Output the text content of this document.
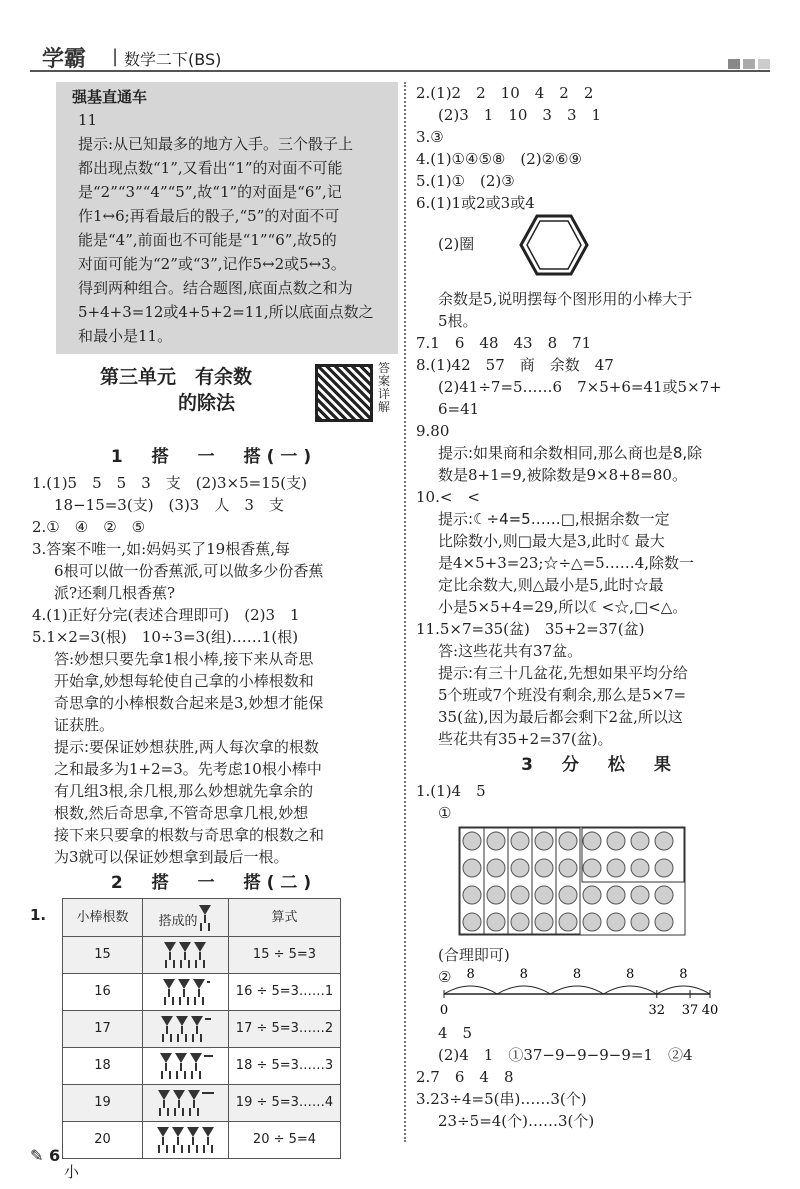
学霸 | 数学二下(BS)
强基直通车

11

提示:从已知最多的地方入手。三个骰子上

都出现点数“1”,又看出“1”的对面不可能

是“2”“3”“4”“5”,故“1”的对面是“6”,记

作1↔6;再看最后的骰子,“5”的对面不可

能是“4”,前面也不可能是“1”“6”,故5的

对面可能为“2”或“3”,记作5↔2或5↔3。

得到两种组合。结合题图,底面点数之和为

5+4+3=12或4+5+2=11,所以底面点数之

和最小是11。

第三单元　有余数
的除法
答案详解
1　搭　一　搭(一)
1.(1)5　5　5　3　支　(2)3×5=15(支)
18−15=3(支)　(3)3　人　3　支
2.①　④　②　⑤
3.答案不唯一,如:妈妈买了19根香蕉,每
6根可以做一份香蕉派,可以做多少份香蕉
派?还剩几根香蕉?
4.(1)正好分完(表述合理即可)　(2)3　1
5.1×2=3(根)　10÷3=3(组)……1(根)
答:妙想只要先拿1根小棒,接下来从奇思
开始拿,妙想每轮使自己拿的小棒根数和
奇思拿的小棒根数合起来是3,妙想才能保
证获胜。
提示:要保证妙想获胜,两人每次拿的根数
之和最多为1+2=3。先考虑10根小棒中
有几组3根,余几根,那么妙想就先拿余的
根数,然后奇思拿,不管奇思拿几根,妙想
接下来只要拿的根数与奇思拿的根数之和
为3就可以保证妙想拿到最后一根。
2　搭　一　搭(二)
1. 小棒根数	搭成的	算式
15		15 ÷ 5=3
16		16 ÷ 5=3……1
17		17 ÷ 5=3……2
18		18 ÷ 5=3……3
19		19 ÷ 5=3……4
20		20 ÷ 5=4
小
2.(1)2　2　10　4　2　2
(2)3　1　10　3　3　1
3.③
4.(1)①④⑤⑧　(2)②⑥⑨
5.(1)①　(2)③
6.(1)1或2或3或4
(2)圈
余数是5,说明摆每个图形用的小棒大于
5根。
7.1　6　48　43　8　71
8.(1)42　57　商　余数　47
(2)41÷7=5……6　7×5+6=41或5×7+
6=41
9.80
提示:如果商和余数相同,那么商也是8,除
数是8+1=9,被除数是9×8+8=80。
10.<　<
提示:☾÷4=5……□,根据余数一定
比除数小,则□最大是3,此时☾最大
是4×5+3=23;☆÷△=5……4,除数一
定比余数大,则△最小是5,此时☆最
小是5×5+4=29,所以☾<☆,□<△。
11.5×7=35(盆)　35+2=37(盆)
答:这些花共有37盆。
提示:有三十几盆花,先想如果平均分给
5个班或7个班没有剩余,那么是5×7=
35(盆),因为最后都会剩下2盆,所以这
些花共有35+2=37(盆)。
3　分　松　果
1.(1)4　5
①
(合理即可)
② 8	8	8	8	8
0	32 37 40
4　5
(2)4　1　①37−9−9−9−9=1　②4
2.7　6　4　8
3.23÷4=5(串)……3(个)
23÷5=4(个)……3(个)
✎ 6
